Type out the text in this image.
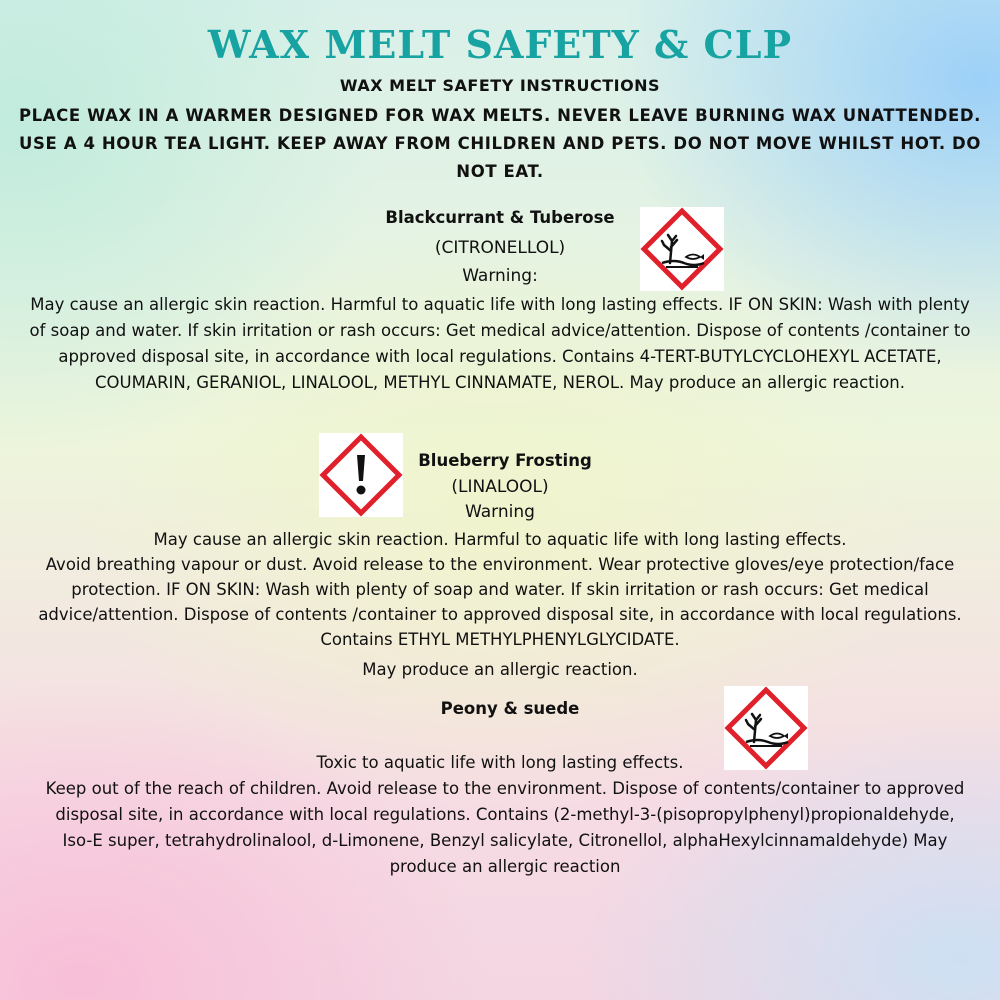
WAX MELT SAFETY & CLP
WAX MELT SAFETY INSTRUCTIONS
PLACE WAX IN A WARMER DESIGNED FOR WAX MELTS. NEVER LEAVE BURNING WAX UNATTENDED. USE A 4 HOUR TEA LIGHT. KEEP AWAY FROM CHILDREN AND PETS. DO NOT MOVE WHILST HOT. DO NOT EAT.
Blackcurrant & Tuberose
(CITRONELLOL)
Warning:
May cause an allergic skin reaction. Harmful to aquatic life with long lasting effects. IF ON SKIN: Wash with plenty of soap and water. If skin irritation or rash occurs: Get medical advice/attention. Dispose of contents /container to approved disposal site, in accordance with local regulations. Contains 4-TERT-BUTYLCYCLOHEXYL ACETATE, COUMARIN, GERANIOL, LINALOOL, METHYL CINNAMATE, NEROL. May produce an allergic reaction.
Blueberry Frosting
(LINALOOL)
Warning
May cause an allergic skin reaction. Harmful to aquatic life with long lasting effects.
Avoid breathing vapour or dust. Avoid release to the environment. Wear protective gloves/eye protection/face protection. IF ON SKIN: Wash with plenty of soap and water. If skin irritation or rash occurs: Get medical advice/attention. Dispose of contents /container to approved disposal site, in accordance with local regulations. Contains ETHYL METHYLPHENYLGLYCIDATE.
May produce an allergic reaction.
Peony & suede
Toxic to aquatic life with long lasting effects.
Keep out of the reach of children. Avoid release to the environment. Dispose of contents/container to approved disposal site, in accordance with local regulations. Contains (2-methyl-3-(pisopropylphenyl)propionaldehyde, Iso-E super, tetrahydrolinalool, d-Limonene, Benzyl salicylate, Citronellol, alphaHexylcinnamaldehyde) May produce an allergic reaction
